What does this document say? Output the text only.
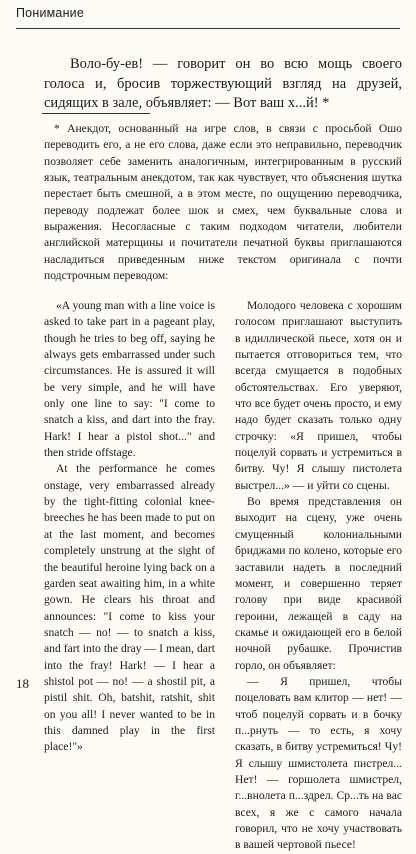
Понимание

Воло-бу-ев! — говорит он во всю мощь своего голоса и, бросив торжествующий взгляд на друзей, сидящих в зале, объявляет: — Вот ваш х...й! *

* Анекдот, основанный на игре слов, в связи с просьбой Ошо переводить его, а не его слова, даже если это неправильно, переводчик позволяет себе заменить аналогичным, интегрированным в русский язык, театральным анекдотом, так как чувствует, что объяснения шутка перестает быть смешной, а в этом месте, по ощущению переводчика, переводу подлежат более шок и смех, чем буквальные слова и выражения. Несогласные с таким подходом читатели, любители английской матерщины и почитатели печатной буквы приглашаются насладиться приведенным ниже текстом оригинала с почти подстрочным переводом:

«A young man with a line voice is asked to take part in a pageant play, though he tries to beg off, saying he always gets embarrassed under such circumstances. He is assured it will be very simple, and he will have only one line to say: "I come to snatch a kiss, and dart into the fray. Hark! I hear a pistol shot..." and then stride offstage.

At the performance he comes onstage, very embarrassed already by the tight-fitting colonial knee-breeches he has been made to put on at the last moment, and becomes completely unstrung at the sight of the beautiful heroine lying back on a garden seat awaiting him, in a white gown. He clears his throat and announces: "I come to kiss your snatch — no! — to snatch a kiss, and fart into the dray — I mean, dart into the fray! Hark! — I hear a shistol pot — no! — a shostil pit, a pistil shit. Oh, batshit, ratshit, shit on you all! I never wanted to be in this damned play in the first place!"»

Молодого человека с хорошим голосом приглашают выступить в идиллической пьесе, хотя он и пытается отговориться тем, что всегда смущается в подобных обстоятельствах. Его уверяют, что все будет очень просто, и ему надо будет сказать только одну строчку: «Я пришел, чтобы поцелуй сорвать и устремиться в битву. Чу! Я слышу пистолета выстрел...» — и уйти со сцены.

Во время представления он выходит на сцену, уже очень смущенный колониальными бриджами по колено, которые его заставили надеть в последний момент, и совершенно теряет голову при виде красивой героини, лежащей в саду на скамье и ожидающей его в белой ночной рубашке. Прочистив горло, он объявляет:

— Я пришел, чтобы поцеловать вам клитор — нет! — чтоб поцелуй сорвать и в бочку п...рнуть — то есть, я хочу сказать, в битву устремиться! Чу! Я слышу шмистолета пистрел... Нет! — горшолета шмистрел, г...внолета п...здрел. Ср...ть на вас всех, я же с самого начала говорил, что не хочу участвовать в вашей чертовой пьесе!

18
